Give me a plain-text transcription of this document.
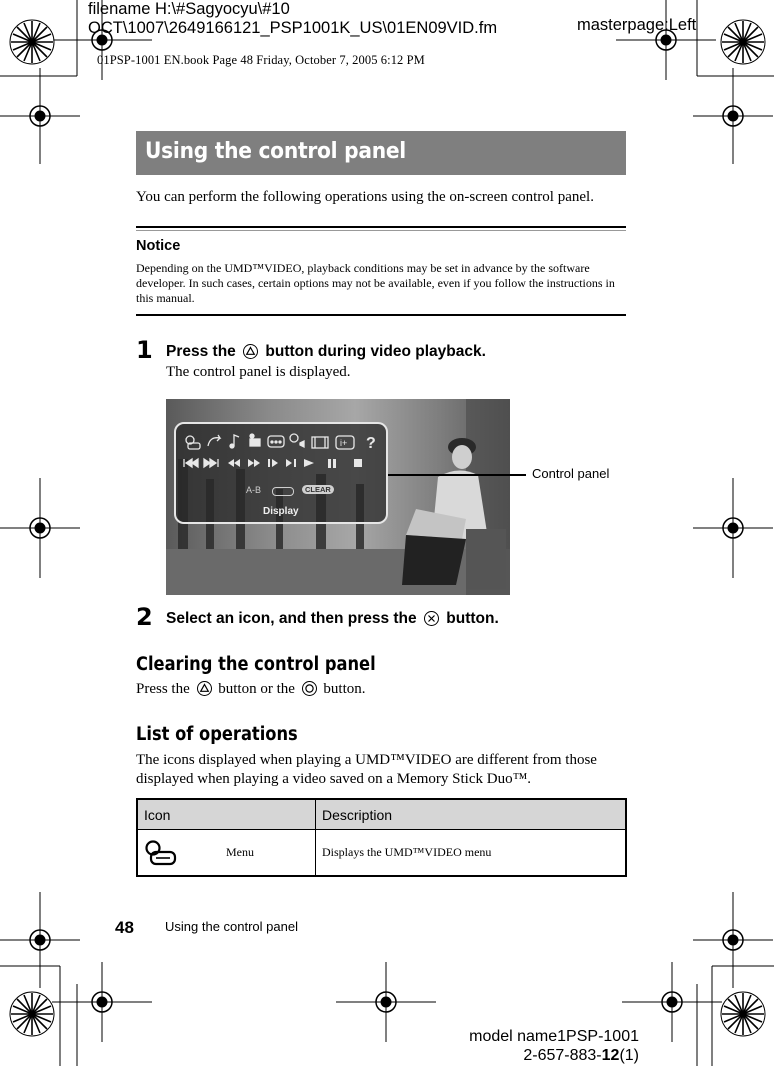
filename H:\#Sagyocyu\#10
OCT\1007\2649166121_PSP1001K_US\01EN09VID.fm	masterpage:Left
01PSP-1001 EN.book Page 48 Friday, October 7, 2005 6:12 PM
Using the control panel
You can perform the following operations using the on-screen control panel.
Notice
Depending on the UMD™VIDEO, playback conditions may be set in advance by the software developer. In such cases, certain options may not be available, even if you follow the instructions in this manual.
1 Press the button during video playback.
The control panel is displayed.
i+ ?
A-B	CLEAR
Display
Control panel
2 Select an icon, and then press the button.
Clearing the control panel
Press the button or the button.
List of operations
The icons displayed when playing a UMD™VIDEO are different from those displayed when playing a video saved on a Memory Stick Duo™.
Icon	Description

Menu	Displays the UMD™VIDEO menu
48 Using the control panel
model name1PSP-1001
2-657-883-12(1)
